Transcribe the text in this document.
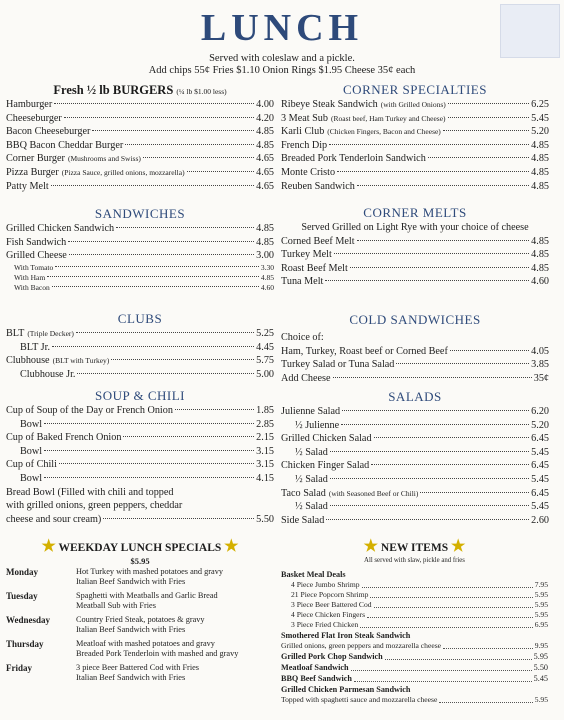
LUNCH
Served with coleslaw and a pickle.
Add chips 55¢ Fries $1.10 Onion Rings $1.95 Cheese 35¢ each
Fresh ½ lb BURGERS (¼ lb $1.00 less)
Hamburger	4.00
Cheeseburger	4.20
Bacon Cheeseburger	4.85
BBQ Bacon Cheddar Burger	4.85
Corner Burger (Mushrooms and Swiss)	4.65
Pizza Burger (Pizza Sauce, grilled onions, mozzarella)	4.65
Patty Melt	4.65
SANDWICHES
Grilled Chicken Sandwich	4.85
Fish Sandwich	4.85
Grilled Cheese	3.00
With Tomato	3.30
With Ham	4.85
With Bacon	4.60
CLUBS
BLT (Triple Decker)	5.25
BLT Jr.	4.45
Clubhouse (BLT with Turkey)	5.75
Clubhouse Jr.	5.00
SOUP & CHILI
Cup of Soup of the Day or French Onion	1.85
Bowl	2.85
Cup of Baked French Onion	2.15
Bowl	3.15
Cup of Chili	3.15
Bowl	4.15
Bread Bowl (Filled with chili and topped
with grilled onions, green peppers, cheddar
cheese and sour cream)	5.50
CORNER SPECIALTIES
Ribeye Steak Sandwich (with Grilled Onions)	6.25
3 Meat Sub (Roast beef, Ham Turkey and Cheese)	5.45
Karli Club (Chicken Fingers, Bacon and Cheese)	5.20
French Dip	4.85
Breaded Pork Tenderloin Sandwich	4.85
Monte Cristo	4.85
Reuben Sandwich	4.85
CORNER MELTS
Served Grilled on Light Rye with your choice of cheese
Corned Beef Melt	4.85
Turkey Melt	4.85
Roast Beef Melt	4.85
Tuna Melt	4.60
COLD SANDWICHES
Choice of:
Ham, Turkey, Roast beef or Corned Beef	4.05
Turkey Salad or Tuna Salad	3.85
Add Cheese	35¢
SALADS
Julienne Salad	6.20
½ Julienne	5.20
Grilled Chicken Salad	6.45
½ Salad	5.45
Chicken Finger Salad	6.45
½ Salad	5.45
Taco Salad (with Seasoned Beef or Chili)	6.45
½ Salad	5.45
Side Salad	2.60
★ WEEKDAY LUNCH SPECIALS ★
$5.95
Monday	Hot Turkey with mashed potatoes and gravy
Italian Beef Sandwich with Fries
Tuesday	Spaghetti with Meatballs and Garlic Bread
Meatball Sub with Fries
Wednesday	Country Fried Steak, potatoes & gravy
Italian Beef Sandwich with Fries
Thursday	Meatloaf with mashed potatoes and gravy
Breaded Pork Tenderloin with mashed and gravy
Friday	3 piece Beer Battered Cod with Fries
Italian Beef Sandwich with Fries
★ NEW ITEMS ★
All served with slaw, pickle and fries
Basket Meal Deals
4 Piece Jumbo Shrimp	7.95
21 Piece Popcorn Shrimp	5.95
3 Piece Beer Battered Cod	5.95
4 Piece Chicken Fingers	5.95
3 Piece Fried Chicken	6.95
Smothered Flat Iron Steak Sandwich
Grilled onions, green peppers and mozzarella cheese	9.95
Grilled Pork Chop Sandwich	5.95
Meatloaf Sandwich	5.50
BBQ Beef Sandwich	5.45
Grilled Chicken Parmesan Sandwich
Topped with spaghetti sauce and mozzarella cheese	5.95
